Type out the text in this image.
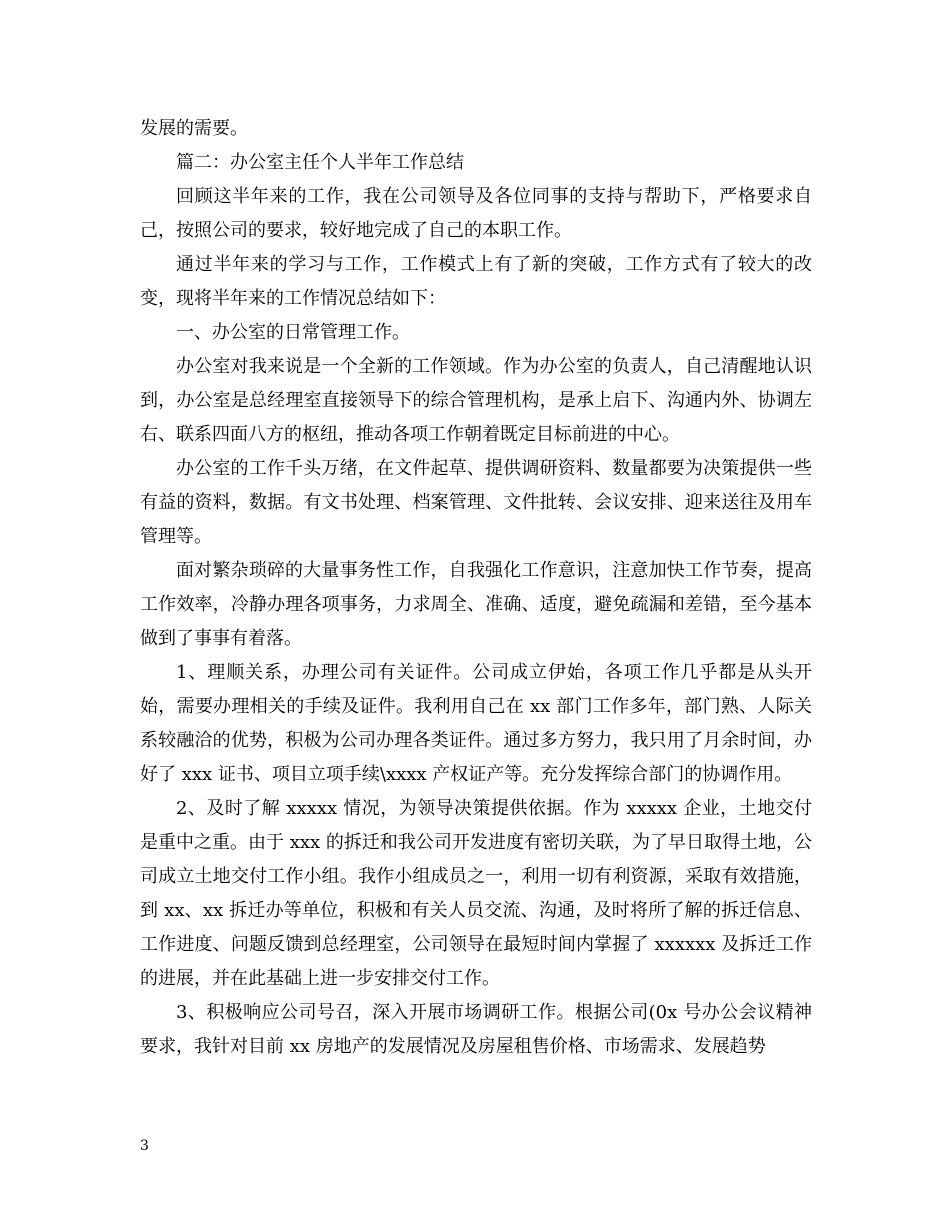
发展的需要。

篇二：办公室主任个人半年工作总结

回顾这半年来的工作，我在公司领导及各位同事的支持与帮助下，严格要求自己，按照公司的要求，较好地完成了自己的本职工作。

通过半年来的学习与工作，工作模式上有了新的突破，工作方式有了较大的改变，现将半年来的工作情况总结如下：

一、办公室的日常管理工作。

办公室对我来说是一个全新的工作领域。作为办公室的负责人，自己清醒地认识到，办公室是总经理室直接领导下的综合管理机构，是承上启下、沟通内外、协调左右、联系四面八方的枢纽，推动各项工作朝着既定目标前进的中心。

办公室的工作千头万绪，在文件起草、提供调研资料、数量都要为决策提供一些有益的资料，数据。有文书处理、档案管理、文件批转、会议安排、迎来送往及用车管理等。

面对繁杂琐碎的大量事务性工作，自我强化工作意识，注意加快工作节奏，提高工作效率，冷静办理各项事务，力求周全、准确、适度，避免疏漏和差错，至今基本做到了事事有着落。

1、理顺关系，办理公司有关证件。公司成立伊始，各项工作几乎都是从头开始，需要办理相关的手续及证件。我利用自己在 xx 部门工作多年，部门熟、人际关系较融洽的优势，积极为公司办理各类证件。通过多方努力，我只用了月余时间，办好了 xxx 证书、项目立项手续\xxxx 产权证产等。充分发挥综合部门的协调作用。

2、及时了解 xxxxx 情况，为领导决策提供依据。作为 xxxxx 企业，土地交付是重中之重。由于 xxx 的拆迁和我公司开发进度有密切关联，为了早日取得土地，公司成立土地交付工作小组。我作小组成员之一，利用一切有利资源，采取有效措施，到 xx、xx 拆迁办等单位，积极和有关人员交流、沟通，及时将所了解的拆迁信息、工作进度、问题反馈到总经理室，公司领导在最短时间内掌握了 xxxxxx 及拆迁工作的进展，并在此基础上进一步安排交付工作。

3、积极响应公司号召，深入开展市场调研工作。根据公司(0x 号办公会议精神要求，我针对目前 xx 房地产的发展情况及房屋租售价格、市场需求、发展趋势

3
